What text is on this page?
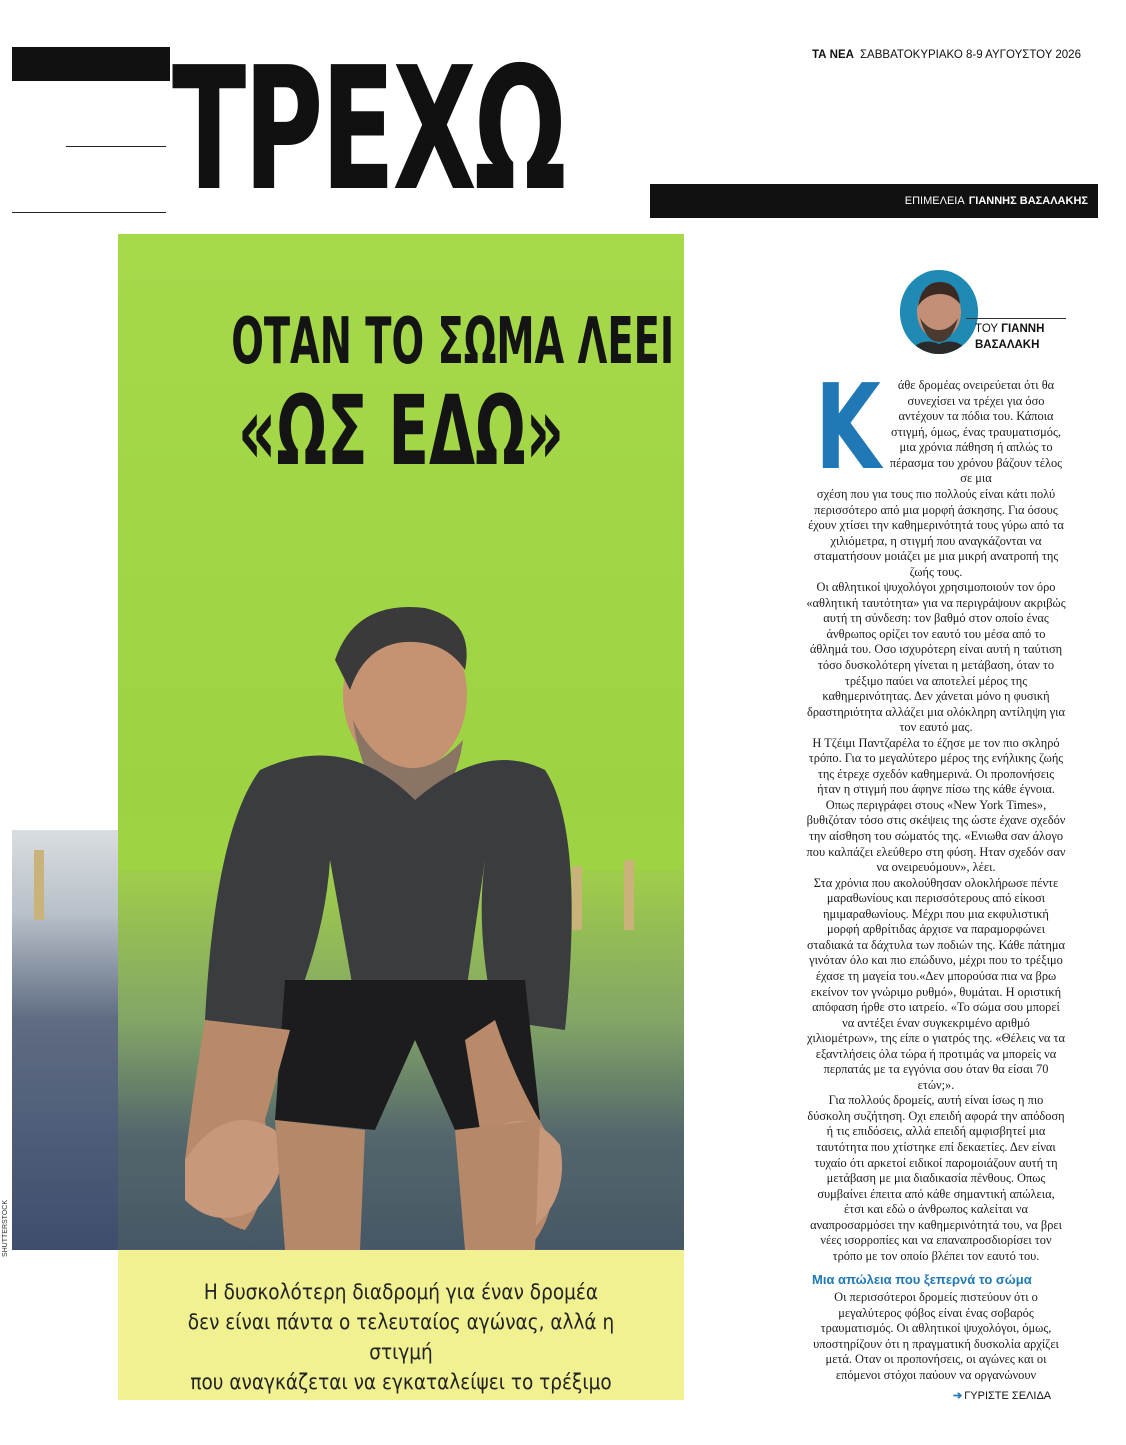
ΤΡΕΧΩ	ΤΑ ΝΕΑ ΣΑΒΒΑΤΟΚΥΡΙΑΚΟ 8-9 ΑΥΓΟΥΣΤΟΥ 2026
ΕΠΙΜΕΛΕΙΑ ΓΙΑΝΝΗΣ ΒΑΣΑΛΑΚΗΣ
ΟΤΑΝ ΤΟ ΣΩΜΑ ΛΕΕΙ
«ΩΣ ΕΔΩ»
Η δυσκολότερη διαδρομή για έναν δρομέα
δεν είναι πάντα ο τελευταίος αγώνας, αλλά η στιγμή
που αναγκάζεται να εγκαταλείψει το τρέξιμο
SHUTTERSTOCK
ΤΟΥ ΓΙΑΝΝΗ
ΒΑΣΑΛΑΚΗ
Κ	άθε δρομέας ονειρεύεται ότι θα συνεχίσει να τρέχει για όσο αντέχουν τα πόδια του. Κάποια στιγμή, όμως, ένας τραυματισμός, μια χρόνια πάθηση ή απλώς το πέρασμα του χρόνου βάζουν τέλος σε μια

σχέση που για τους πιο πολλούς είναι κάτι πολύ περισσότερο από μια μορφή άσκησης. Για όσους έχουν χτίσει την καθημερινότητά τους γύρω από τα χιλιόμετρα, η στιγμή που αναγκάζονται να σταματήσουν μοιάζει με μια μικρή ανατροπή της ζωής τους.

Οι αθλητικοί ψυχολόγοι χρησιμοποιούν τον όρο «αθλητική ταυτότητα» για να περιγράψουν ακριβώς αυτή τη σύνδεση: τον βαθμό στον οποίο ένας άνθρωπος ορίζει τον εαυτό του μέσα από το άθλημά του. Οσο ισχυρότερη είναι αυτή η ταύτιση τόσο δυσκολότερη γίνεται η μετάβαση, όταν το τρέξιμο παύει να αποτελεί μέρος της καθημερινότητας. Δεν χάνεται μόνο η φυσική δραστηριότητα αλλάζει μια ολόκληρη αντίληψη για τον εαυτό μας.

Η Τζέιμι Παντζαρέλα το έζησε με τον πιο σκληρό τρόπο. Για το μεγαλύτερο μέρος της ενήλικης ζωής της έτρεχε σχεδόν καθημερινά. Οι προπονήσεις ήταν η στιγμή που άφηνε πίσω της κάθε έγνοια. Οπως περιγράφει στους «New York Times», βυθιζόταν τόσο στις σκέψεις της ώστε έχανε σχεδόν την αίσθηση του σώματός της. «Ενιωθα σαν άλογο που καλπάζει ελεύθερο στη φύση. Ηταν σχεδόν σαν να ονειρευόμουν», λέει.

Στα χρόνια που ακολούθησαν ολοκλήρωσε πέντε μαραθωνίους και περισσότερους από είκοσι ημιμαραθωνίους. Μέχρι που μια εκφυλιστική μορφή αρθρίτιδας άρχισε να παραμορφώνει σταδιακά τα δάχτυλα των ποδιών της. Κάθε πάτημα γινόταν όλο και πιο επώδυνο, μέχρι που το τρέξιμο έχασε τη μαγεία του.«Δεν μπορούσα πια να βρω εκείνον τον γνώριμο ρυθμό», θυμάται. Η οριστική απόφαση ήρθε στο ιατρείο. «Το σώμα σου μπορεί να αντέξει έναν συγκεκριμένο αριθμό χιλιομέτρων», της είπε ο γιατρός της. «Θέλεις να τα εξαντλήσεις όλα τώρα ή προτιμάς να μπορείς να περπατάς με τα εγγόνια σου όταν θα είσαι 70 ετών;».

Για πολλούς δρομείς, αυτή είναι ίσως η πιο δύσκολη συζήτηση. Οχι επειδή αφορά την απόδοση ή τις επιδόσεις, αλλά επειδή αμφισβητεί μια ταυτότητα που χτίστηκε επί δεκαετίες. Δεν είναι τυχαίο ότι αρκετοί ειδικοί παρομοιάζουν αυτή τη μετάβαση με μια διαδικασία πένθους. Οπως συμβαίνει έπειτα από κάθε σημαντική απώλεια, έτσι και εδώ ο άνθρωπος καλείται να αναπροσαρμόσει την καθημερινότητά του, να βρει νέες ισορροπίες και να επαναπροσδιορίσει τον τρόπο με τον οποίο βλέπει τον εαυτό του.

Μια απώλεια που ξεπερνά το σώμα

Οι περισσότεροι δρομείς πιστεύουν ότι ο μεγαλύτερος φόβος είναι ένας σοβαρός τραυματισμός. Οι αθλητικοί ψυχολόγοι, όμως, υποστηρίζουν ότι η πραγματική δυσκολία αρχίζει μετά. Οταν οι προπονήσεις, οι αγώνες και οι επόμενοι στόχοι παύουν να οργανώνουν

➔ ΓΥΡΙΣΤΕ ΣΕΛΙΔΑ
